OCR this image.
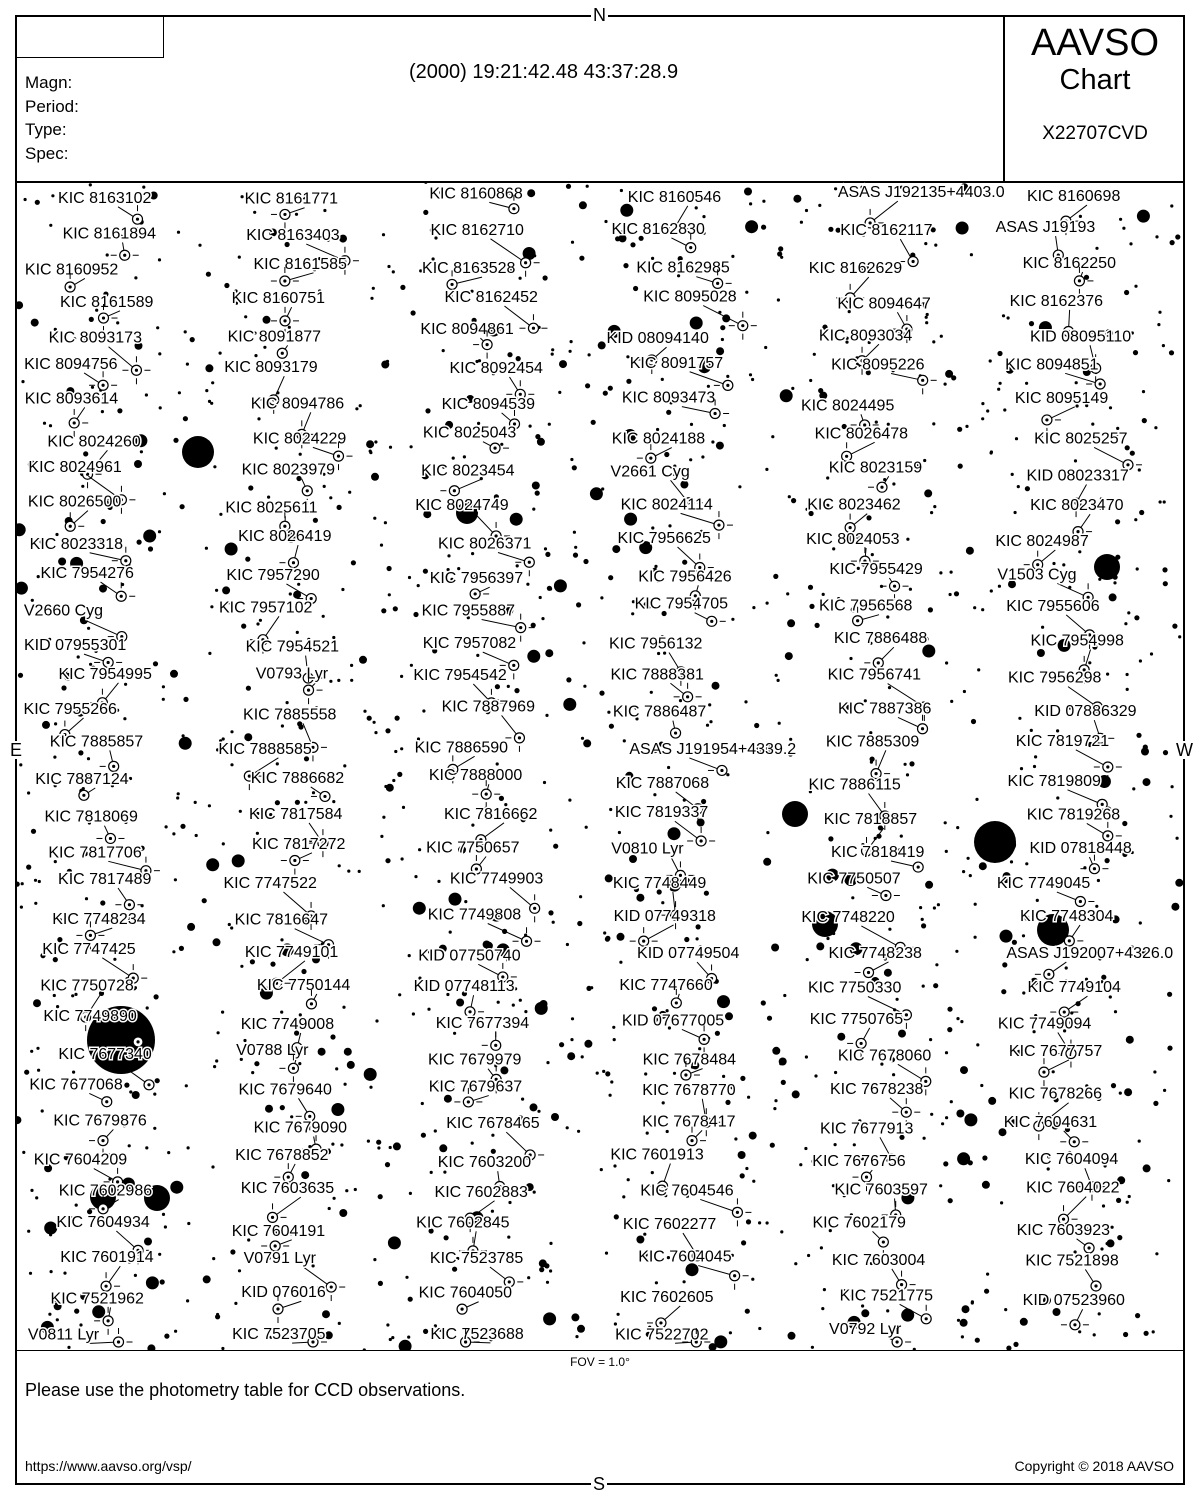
N
S
E	W
Magn:
Period:
Type:
Spec:
(2000) 19:21:42.48 43:37:28.9
AAVSO
Chart
X22707CVD
KIC 8163102	KIC 8161771	KIC 8160868	KIC 8160546	ASAS J192135+4403.0 KIC 8160698
KIC 8161894	KIC 8163403	KIC 8162710	KIC 8162830	KIC 8162117	ASAS J19193
KIC 8160952	KIC 8161585	KIC 8163528	KIC 8162985	KIC 8162629	KIC 8162250
KIC 8161589	KIC 8160751	KIC 8162452	KIC 8095028	KIC 8094647	KIC 8162376
KIC 8093173	KIC 8091877	KIC 8094861
KID 08094140	KIC 8093034	KID 08095110
KIC 8094756	KIC 8093179	KIC 8092454	KIC 8091757	KIC 8095226	KIC 8094851
KIC 8093614	KIC 8094786	KIC 8094539	KIC 8093473	KIC 8024495	KIC 8095149
KIC 8024260	KIC 8024229	KIC 8025043	KIC 8024188	KIC 8026478	KIC 8025257
KIC 8024961	KIC 8023979	KIC 8023454	V2661 Cyg	KIC 8023159	KID 08023317
KIC 8026500	KIC 8025611	KIC 8024749	KIC 8024114	KIC 8023462	KIC 8023470
KIC 8023318	KIC 8026419	KIC 8026371	KIC 7956625	KIC 8024053	KIC 8024987
KIC 7954276	KIC 7957290	KIC 7956397	KIC 7956426	KIC 7955429	V1503 Cyg
V2660 Cyg	KIC 7957102	KIC 7955887	KIC 7954705	KIC 7956568	KIC 7955606
KID 07955301	KIC 7954521	KIC 7957082	KIC 7956132	KIC 7886488	KIC 7954998
KIC 7954995	V0793 Lyr	KIC 7954542	KIC 7888381	KIC 7956741	KIC 7956298
KIC 7955266	KIC 7885558	KIC 7887969	KIC 7886487	KIC 7887386	KID 07886329
KIC 7885857	KIC 7888585	KIC 7886590	ASAS J191954+4339.2 KIC 7885309	KIC 7819721
KIC 7887124	KIC 7886682	KIC 7888000	KIC 7887068	KIC 7886115	KIC 7819809
KIC 7818069	KIC 7817584	KIC 7816662	KIC 7819337	KIC 7818857	KIC 7819268
KIC 7817706
KIC 7817272	KIC 7750657	V0810 Lyr	KIC 7818419	KID 07818448
KIC 7817489	KIC 7747522	KIC 7749903	KIC 7748449	KIC 7750507	KIC 7749045
KIC 7748234	KIC 7816647	KIC 7749808	KID 07749318	KIC 7748220	KIC 7748304
KIC 7747425	KIC 7749101	KID 07750740	KID 07749504	KIC 7748238	ASAS J192007+4326.0
KIC 7750728	KIC 7750144	KID 07748113	KIC 7747660	KIC 7750330	KIC 7749104
KIC 7749890	KIC 7749008	KIC 7677394	KID 07677005	KIC 7750765	KIC 7749094
KIC 7677340	V0788 Lyr
KIC 7679979	KIC 7678484	KIC 7678060	KIC 7677757
KIC 7677068	KIC 7679640	KIC 7679637	KIC 7678770	KIC 7678238	KIC 7678266
KIC 7679876	KIC 7679090	KIC 7678465	KIC 7678417	KIC 7677913	KIC 7604631
KIC 7604209	KIC 7678852	KIC 7603200	KIC 7601913	KIC 7676756	KIC 7604094
KIC 7602986	KIC 7603635	KIC 7602883	KIC 7604546	KIC 7603597	KIC 7604022
KIC 7604934
KIC 7604191	KIC 7602845	KIC 7602277	KIC 7602179	KIC 7603923
KIC 7601914	V0791 Lyr	KIC 7523785	KIC 7604045	KIC 7603004	KIC 7521898
KIC 7521962	KID 076016	KIC 7604050	KIC 7602605	KIC 7521775	KID 07523960
V0811 Lyr	KIC 7523705	KIC 7523688	KIC 7522702	V0792 Lyr
FOV = 1.0°
Please use the photometry table for CCD observations.
https://www.aavso.org/vsp/	Copyright © 2018 AAVSO
